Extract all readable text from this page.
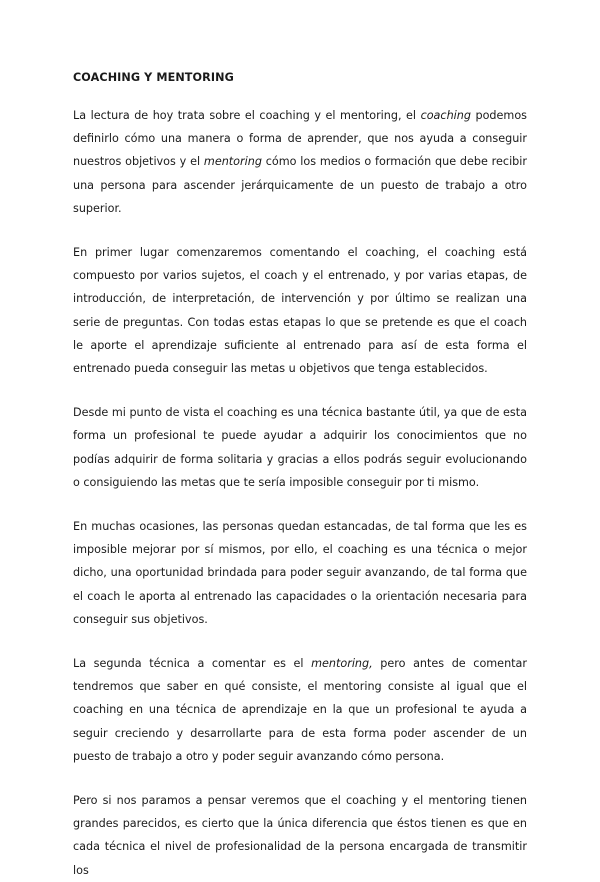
COACHING Y MENTORING

La lectura de hoy trata sobre el coaching y el mentoring, el coaching podemos definirlo cómo una manera o forma de aprender, que nos ayuda a conseguir nuestros objetivos y el mentoring cómo los medios o formación que debe recibir una persona para ascender jerárquicamente de un puesto de trabajo a otro superior.

En primer lugar comenzaremos comentando el coaching, el coaching está compuesto por varios sujetos, el coach y el entrenado, y por varias etapas, de introducción, de interpretación, de intervención y por último se realizan una serie de preguntas. Con todas estas etapas lo que se pretende es que el coach le aporte el aprendizaje suficiente al entrenado para así de esta forma el entrenado pueda conseguir las metas u objetivos que tenga establecidos.

Desde mi punto de vista el coaching es una técnica bastante útil, ya que de esta forma un profesional te puede ayudar a adquirir los conocimientos que no podías adquirir de forma solitaria y gracias a ellos podrás seguir evolucionando o consiguiendo las metas que te sería imposible conseguir por ti mismo.

En muchas ocasiones, las personas quedan estancadas, de tal forma que les es imposible mejorar por sí mismos, por ello, el coaching es una técnica o mejor dicho, una oportunidad brindada para poder seguir avanzando, de tal forma que el coach le aporta al entrenado las capacidades o la orientación necesaria para conseguir sus objetivos.

La segunda técnica a comentar es el mentoring, pero antes de comentar tendremos que saber en qué consiste, el mentoring consiste al igual que el coaching en una técnica de aprendizaje en la que un profesional te ayuda a seguir creciendo y desarrollarte para de esta forma poder ascender de un puesto de trabajo a otro y poder seguir avanzando cómo persona.

Pero si nos paramos a pensar veremos que el coaching y el mentoring tienen grandes parecidos, es cierto que la única diferencia que éstos tienen es que en cada técnica el nivel de profesionalidad de la persona encargada de transmitir los
